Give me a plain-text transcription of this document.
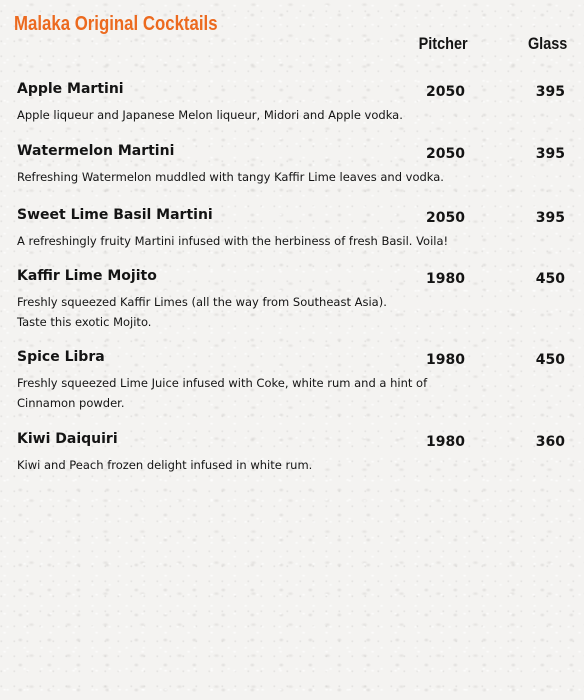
Malaka Original Cocktails
Pitcher	Glass
Apple Martini	2050	395
Apple liqueur and Japanese Melon liqueur, Midori and Apple vodka.
Watermelon Martini	2050	395
Refreshing Watermelon muddled with tangy Kaffir Lime leaves and vodka.
Sweet Lime Basil Martini	2050	395
A refreshingly fruity Martini infused with the herbiness of fresh Basil. Voila!
Kaffir Lime Mojito	1980	450
Freshly squeezed Kaffir Limes (all the way from Southeast Asia).
Taste this exotic Mojito.
Spice Libra	1980	450
Freshly squeezed Lime Juice infused with Coke, white rum and a hint of
Cinnamon powder.
Kiwi Daiquiri	1980	360
Kiwi and Peach frozen delight infused in white rum.
